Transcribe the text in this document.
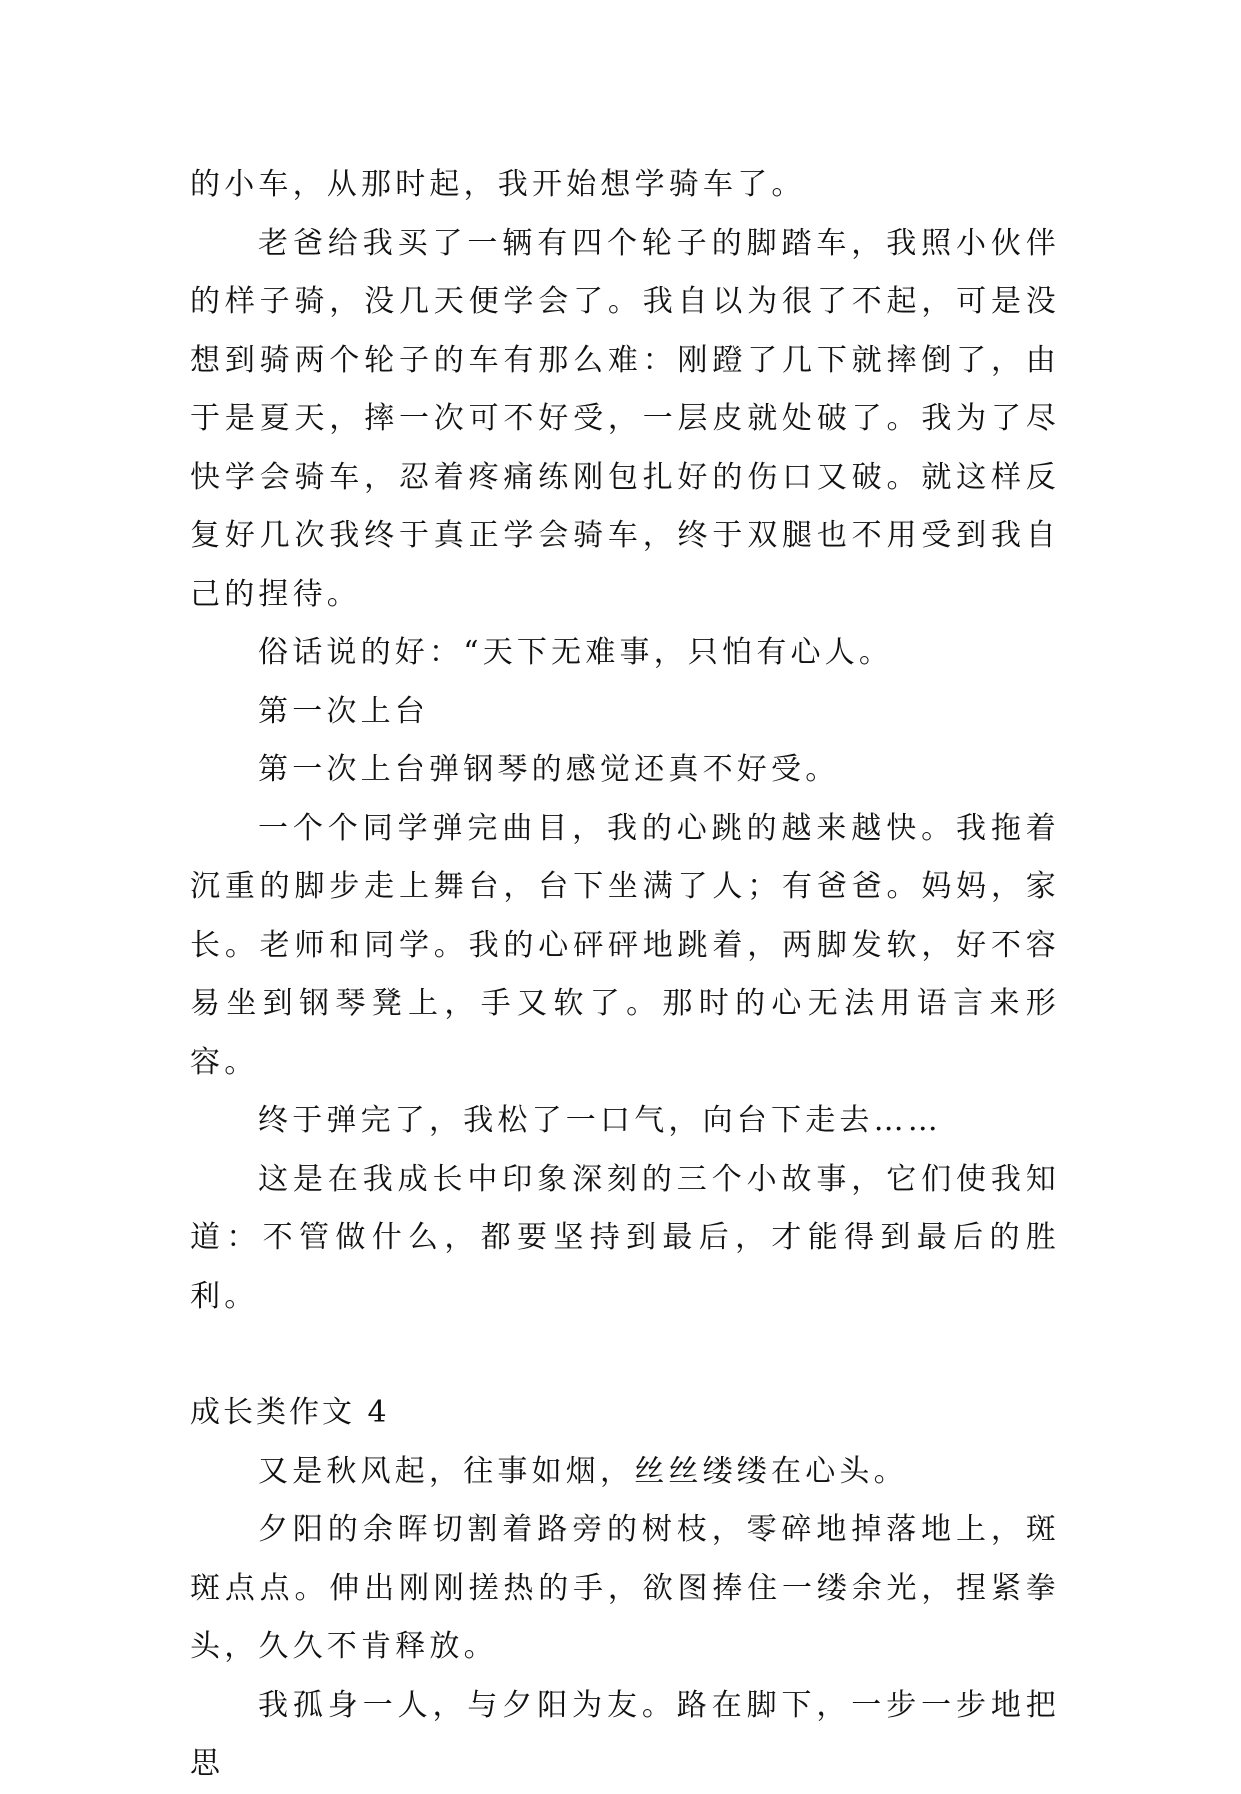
的小车，从那时起，我开始想学骑车了。

老爸给我买了一辆有四个轮子的脚踏车，我照小伙伴的样子骑，没几天便学会了。我自以为很了不起，可是没想到骑两个轮子的车有那么难：刚蹬了几下就摔倒了，由于是夏天，摔一次可不好受，一层皮就处破了。我为了尽快学会骑车，忍着疼痛练刚包扎好的伤口又破。就这样反复好几次我终于真正学会骑车，终于双腿也不用受到我自己的捏待。

俗话说的好：“天下无难事，只怕有心人。

第一次上台

第一次上台弹钢琴的感觉还真不好受。

一个个同学弹完曲目，我的心跳的越来越快。我拖着沉重的脚步走上舞台，台下坐满了人；有爸爸。妈妈，家长。老师和同学。我的心砰砰地跳着，两脚发软，好不容易坐到钢琴凳上，手又软了。那时的心无法用语言来形容。

终于弹完了，我松了一口气，向台下走去……

这是在我成长中印象深刻的三个小故事，它们使我知道：不管做什么，都要坚持到最后，才能得到最后的胜利。

成长类作文 4

又是秋风起，往事如烟，丝丝缕缕在心头。

夕阳的余晖切割着路旁的树枝，零碎地掉落地上，斑斑点点。伸出刚刚搓热的手，欲图捧住一缕余光，捏紧拳头，久久不肯释放。

我孤身一人，与夕阳为友。路在脚下，一步一步地把思
